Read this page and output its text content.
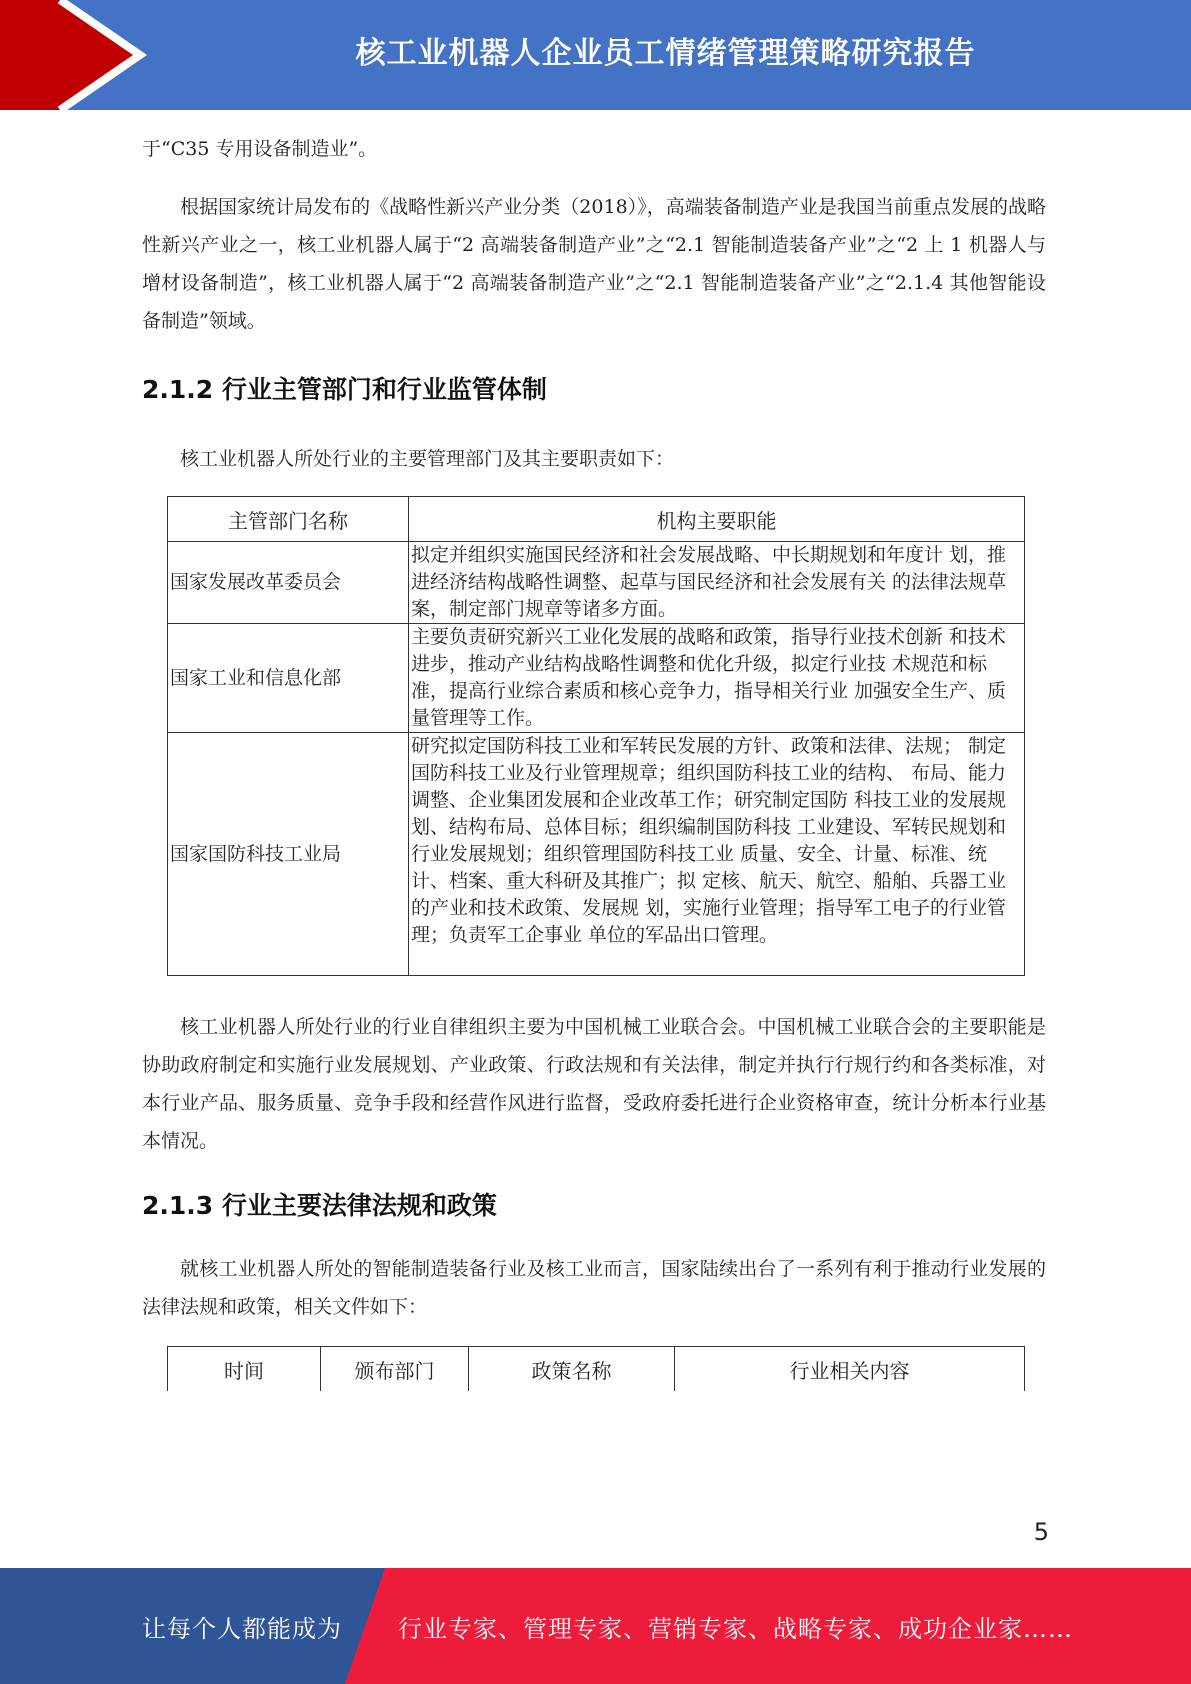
核工业机器人企业员工情绪管理策略研究报告

于“C35 专用设备制造业”。

根据国家统计局发布的《战略性新兴产业分类（2018）》，高端装备制造产业是我国当前重点发展的战略性新兴产业之一，核工业机器人属于“2 高端装备制造产业”之“2.1 智能制造装备产业”之“2 上 1 机器人与增材设备制造”，核工业机器人属于“2 高端装备制造产业”之“2.1 智能制造装备产业”之“2.1.4 其他智能设备制造”领域。

2.1.2 行业主管部门和行业监管体制

核工业机器人所处行业的主要管理部门及其主要职责如下：

主管部门名称	机构主要职能
国家发展改革委员会	拟定并组织实施国民经济和社会发展战略、中长期规划和年度计 划，推进经济结构战略性调整、起草与国民经济和社会发展有关 的法律法规草案，制定部门规章等诸多方面。
国家工业和信息化部	主要负责研究新兴工业化发展的战略和政策，指导行业技术创新 和技术进步，推动产业结构战略性调整和优化升级，拟定行业技 术规范和标准，提高行业综合素质和核心竞争力，指导相关行业 加强安全生产、质量管理等工作。
国家国防科技工业局	研究拟定国防科技工业和军转民发展的方针、政策和法律、法规； 制定国防科技工业及行业管理规章；组织国防科技工业的结构、 布局、能力调整、企业集团发展和企业改革工作；研究制定国防 科技工业的发展规划、结构布局、总体目标；组织编制国防科技 工业建设、军转民规划和行业发展规划；组织管理国防科技工业 质量、安全、计量、标准、统计、档案、重大科研及其推广；拟 定核、航天、航空、船舶、兵器工业的产业和技术政策、发展规 划，实施行业管理；指导军工电子的行业管理；负责军工企事业 单位的军品出口管理。

核工业机器人所处行业的行业自律组织主要为中国机械工业联合会。中国机械工业联合会的主要职能是协助政府制定和实施行业发展规划、产业政策、行政法规和有关法律，制定并执行行规行约和各类标准，对本行业产品、服务质量、竞争手段和经营作风进行监督，受政府委托进行企业资格审查，统计分析本行业基本情况。

2.1.3 行业主要法律法规和政策

就核工业机器人所处的智能制造装备行业及核工业而言，国家陆续出台了一系列有利于推动行业发展的法律法规和政策，相关文件如下：

时间	颁布部门	政策名称	行业相关内容
5
让每个人都能成为 行业专家、管理专家、营销专家、战略专家、成功企业家……
